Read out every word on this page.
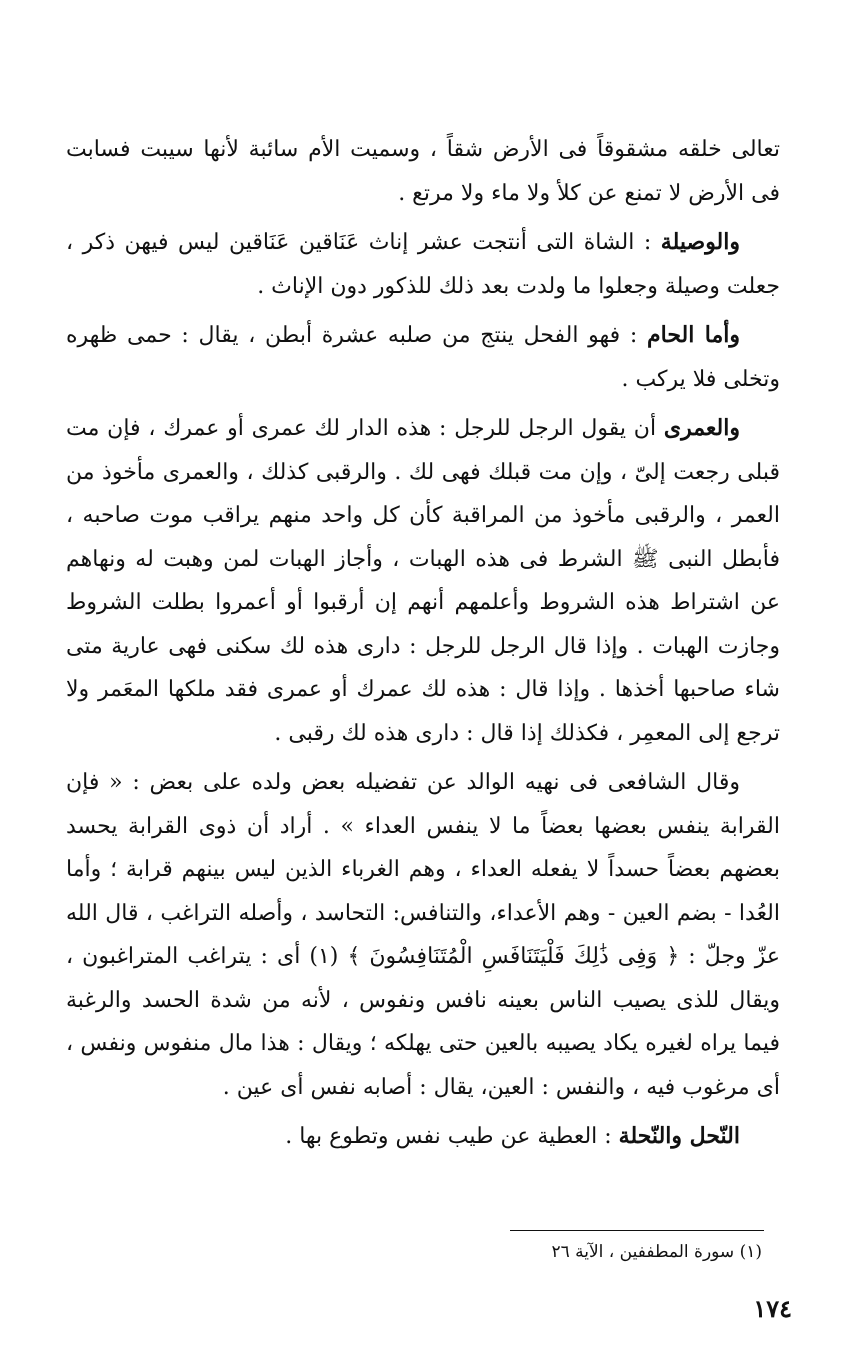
تعالى خلقه مشقوقاً فى الأرض شقاً ، وسميت الأم سائبة لأنها سيبت فسابت فى الأرض لا تمنع عن كلأ ولا ماء ولا مرتع .

والوصيلة : الشاة التى أنتجت عشر إناث عَنَاقين عَنَاقين ليس فيهن ذكر ، جعلت وصيلة وجعلوا ما ولدت بعد ذلك للذكور دون الإناث .

وأما الحام : فهو الفحل ينتج من صلبه عشرة أبطن ، يقال : حمى ظهره وتخلى فلا يركب .

والعمرى أن يقول الرجل للرجل : هذه الدار لك عمرى أو عمرك ، فإن مت قبلى رجعت إلىّ ، وإن مت قبلك فهى لك . والرقبى كذلك ، والعمرى مأخوذ من العمر ، والرقبى مأخوذ من المراقبة كأن كل واحد منهم يراقب موت صاحبه ، فأبطل النبى ﷺ الشرط فى هذه الهبات ، وأجاز الهبات لمن وهبت له ونهاهم عن اشتراط هذه الشروط وأعلمهم أنهم إن أرقبوا أو أعمروا بطلت الشروط وجازت الهبات . وإذا قال الرجل للرجل : دارى هذه لك سكنى فهى عارية متى شاء صاحبها أخذها . وإذا قال : هذه لك عمرك أو عمرى فقد ملكها المعَمر ولا ترجع إلى المعمِر ، فكذلك إذا قال : دارى هذه لك رقبى .

وقال الشافعى فى نهيه الوالد عن تفضيله بعض ولده على بعض : « فإن القرابة ينفس بعضها بعضاً ما لا ينفس العداء » . أراد أن ذوى القرابة يحسد بعضهم بعضاً حسداً لا يفعله العداء ، وهم الغرباء الذين ليس بينهم قرابة ؛ وأما العُدا - بضم العين - وهم الأعداء، والتنافس: التحاسد ، وأصله التراغب ، قال الله عزّ وجلّ : ﴿ وَفِى ذَٰلِكَ فَلْيَتَنَافَسِ الْمُتَنَافِسُونَ ﴾ (١) أى : يتراغب المتراغبون ، ويقال للذى يصيب الناس بعينه نافس ونفوس ، لأنه من شدة الحسد والرغبة فيما يراه لغيره يكاد يصيبه بالعين حتى يهلكه ؛ ويقال : هذا مال منفوس ونفس ، أى مرغوب فيه ، والنفس : العين، يقال : أصابه نفس أى عين .

النّحل والنّحلة : العطية عن طيب نفس وتطوع بها .

(١) سورة المطففين ، الآية ٢٦
١٧٤
